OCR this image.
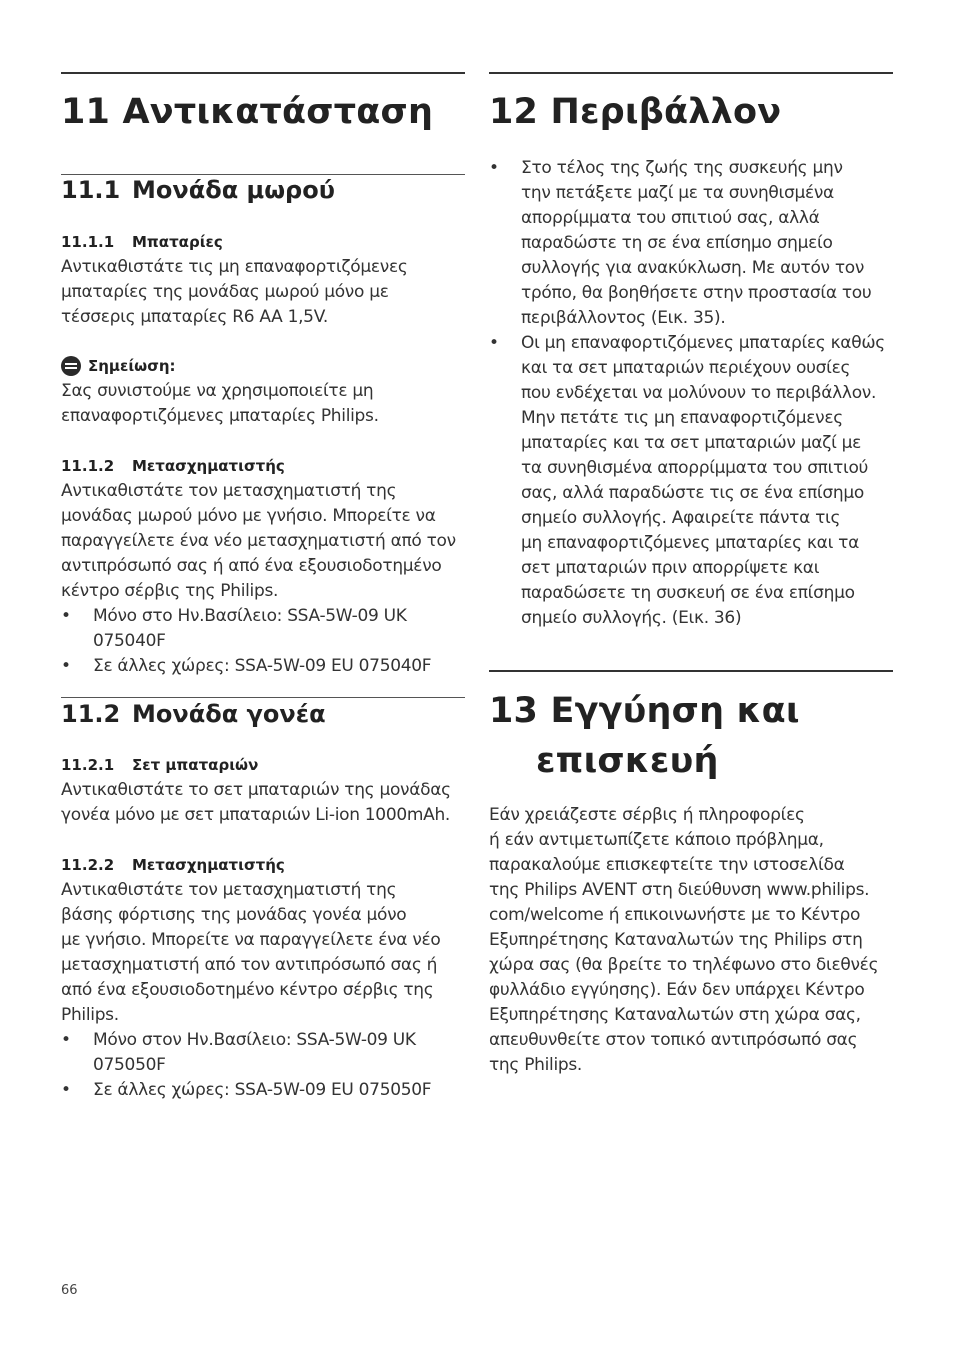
11 Αντικατάσταση
11.1 Μονάδα μωρού
11.1.1 Μπαταρίες

Αντικαθιστάτε τις μη επαναφορτιζόμενες
μπαταρίες της μονάδας μωρού μόνο με
τέσσερις μπαταρίες R6 AA 1,5V.

Σημείωση:

Σας συνιστούμε να χρησιμοποιείτε μη
επαναφορτιζόμενες μπαταρίες Philips.

11.1.2 Μετασχηματιστής

Αντικαθιστάτε τον μετασχηματιστή της
μονάδας μωρού μόνο με γνήσιο. Μπορείτε να
παραγγείλετε ένα νέο μετασχηματιστή από τον
αντιπρόσωπό σας ή από ένα εξουσιοδοτημένο
κέντρο σέρβις της Philips.

• Μόνο στο Ην.Βασίλειο: SSA-5W-09 UK
075040F
• Σε άλλες χώρες: SSA-5W-09 EU 075040F
11.2 Μονάδα γονέα
11.2.1 Σετ μπαταριών

Αντικαθιστάτε το σετ μπαταριών της μονάδας
γονέα μόνο με σετ μπαταριών Li-ion 1000mAh.

11.2.2 Μετασχηματιστής

Αντικαθιστάτε τον μετασχηματιστή της
βάσης φόρτισης της μονάδας γονέα μόνο
με γνήσιο. Μπορείτε να παραγγείλετε ένα νέο
μετασχηματιστή από τον αντιπρόσωπό σας ή
από ένα εξουσιοδοτημένο κέντρο σέρβις της
Philips.

• Μόνο στον Ην.Βασίλειο: SSA-5W-09 UK
075050F
• Σε άλλες χώρες: SSA-5W-09 EU 075050F
12 Περιβάλλον
• Στο τέλος της ζωής της συσκευής μην
την πετάξετε μαζί με τα συνηθισμένα
απορρίμματα του σπιτιού σας, αλλά
παραδώστε τη σε ένα επίσημο σημείο
συλλογής για ανακύκλωση. Με αυτόν τον
τρόπο, θα βοηθήσετε στην προστασία του
περιβάλλοντος (Εικ. 35).
• Οι μη επαναφορτιζόμενες μπαταρίες καθώς
και τα σετ μπαταριών περιέχουν ουσίες
που ενδέχεται να μολύνουν το περιβάλλον.
Μην πετάτε τις μη επαναφορτιζόμενες
μπαταρίες και τα σετ μπαταριών μαζί με
τα συνηθισμένα απορρίμματα του σπιτιού
σας, αλλά παραδώστε τις σε ένα επίσημο
σημείο συλλογής. Αφαιρείτε πάντα τις
μη επαναφορτιζόμενες μπαταρίες και τα
σετ μπαταριών πριν απορρίψετε και
παραδώσετε τη συσκευή σε ένα επίσημο
σημείο συλλογής. (Εικ. 36)
13 Εγγύηση και
επισκευή

Εάν χρειάζεστε σέρβις ή πληροφορίες
ή εάν αντιμετωπίζετε κάποιο πρόβλημα,
παρακαλούμε επισκεφτείτε την ιστοσελίδα
της Philips AVENT στη διεύθυνση www.philips.
com/welcome ή επικοινωνήστε με το Κέντρο
Εξυπηρέτησης Καταναλωτών της Philips στη
χώρα σας (θα βρείτε το τηλέφωνο στο διεθνές
φυλλάδιο εγγύησης). Εάν δεν υπάρχει Κέντρο
Εξυπηρέτησης Καταναλωτών στη χώρα σας,
απευθυνθείτε στον τοπικό αντιπρόσωπό σας
της Philips.

66
